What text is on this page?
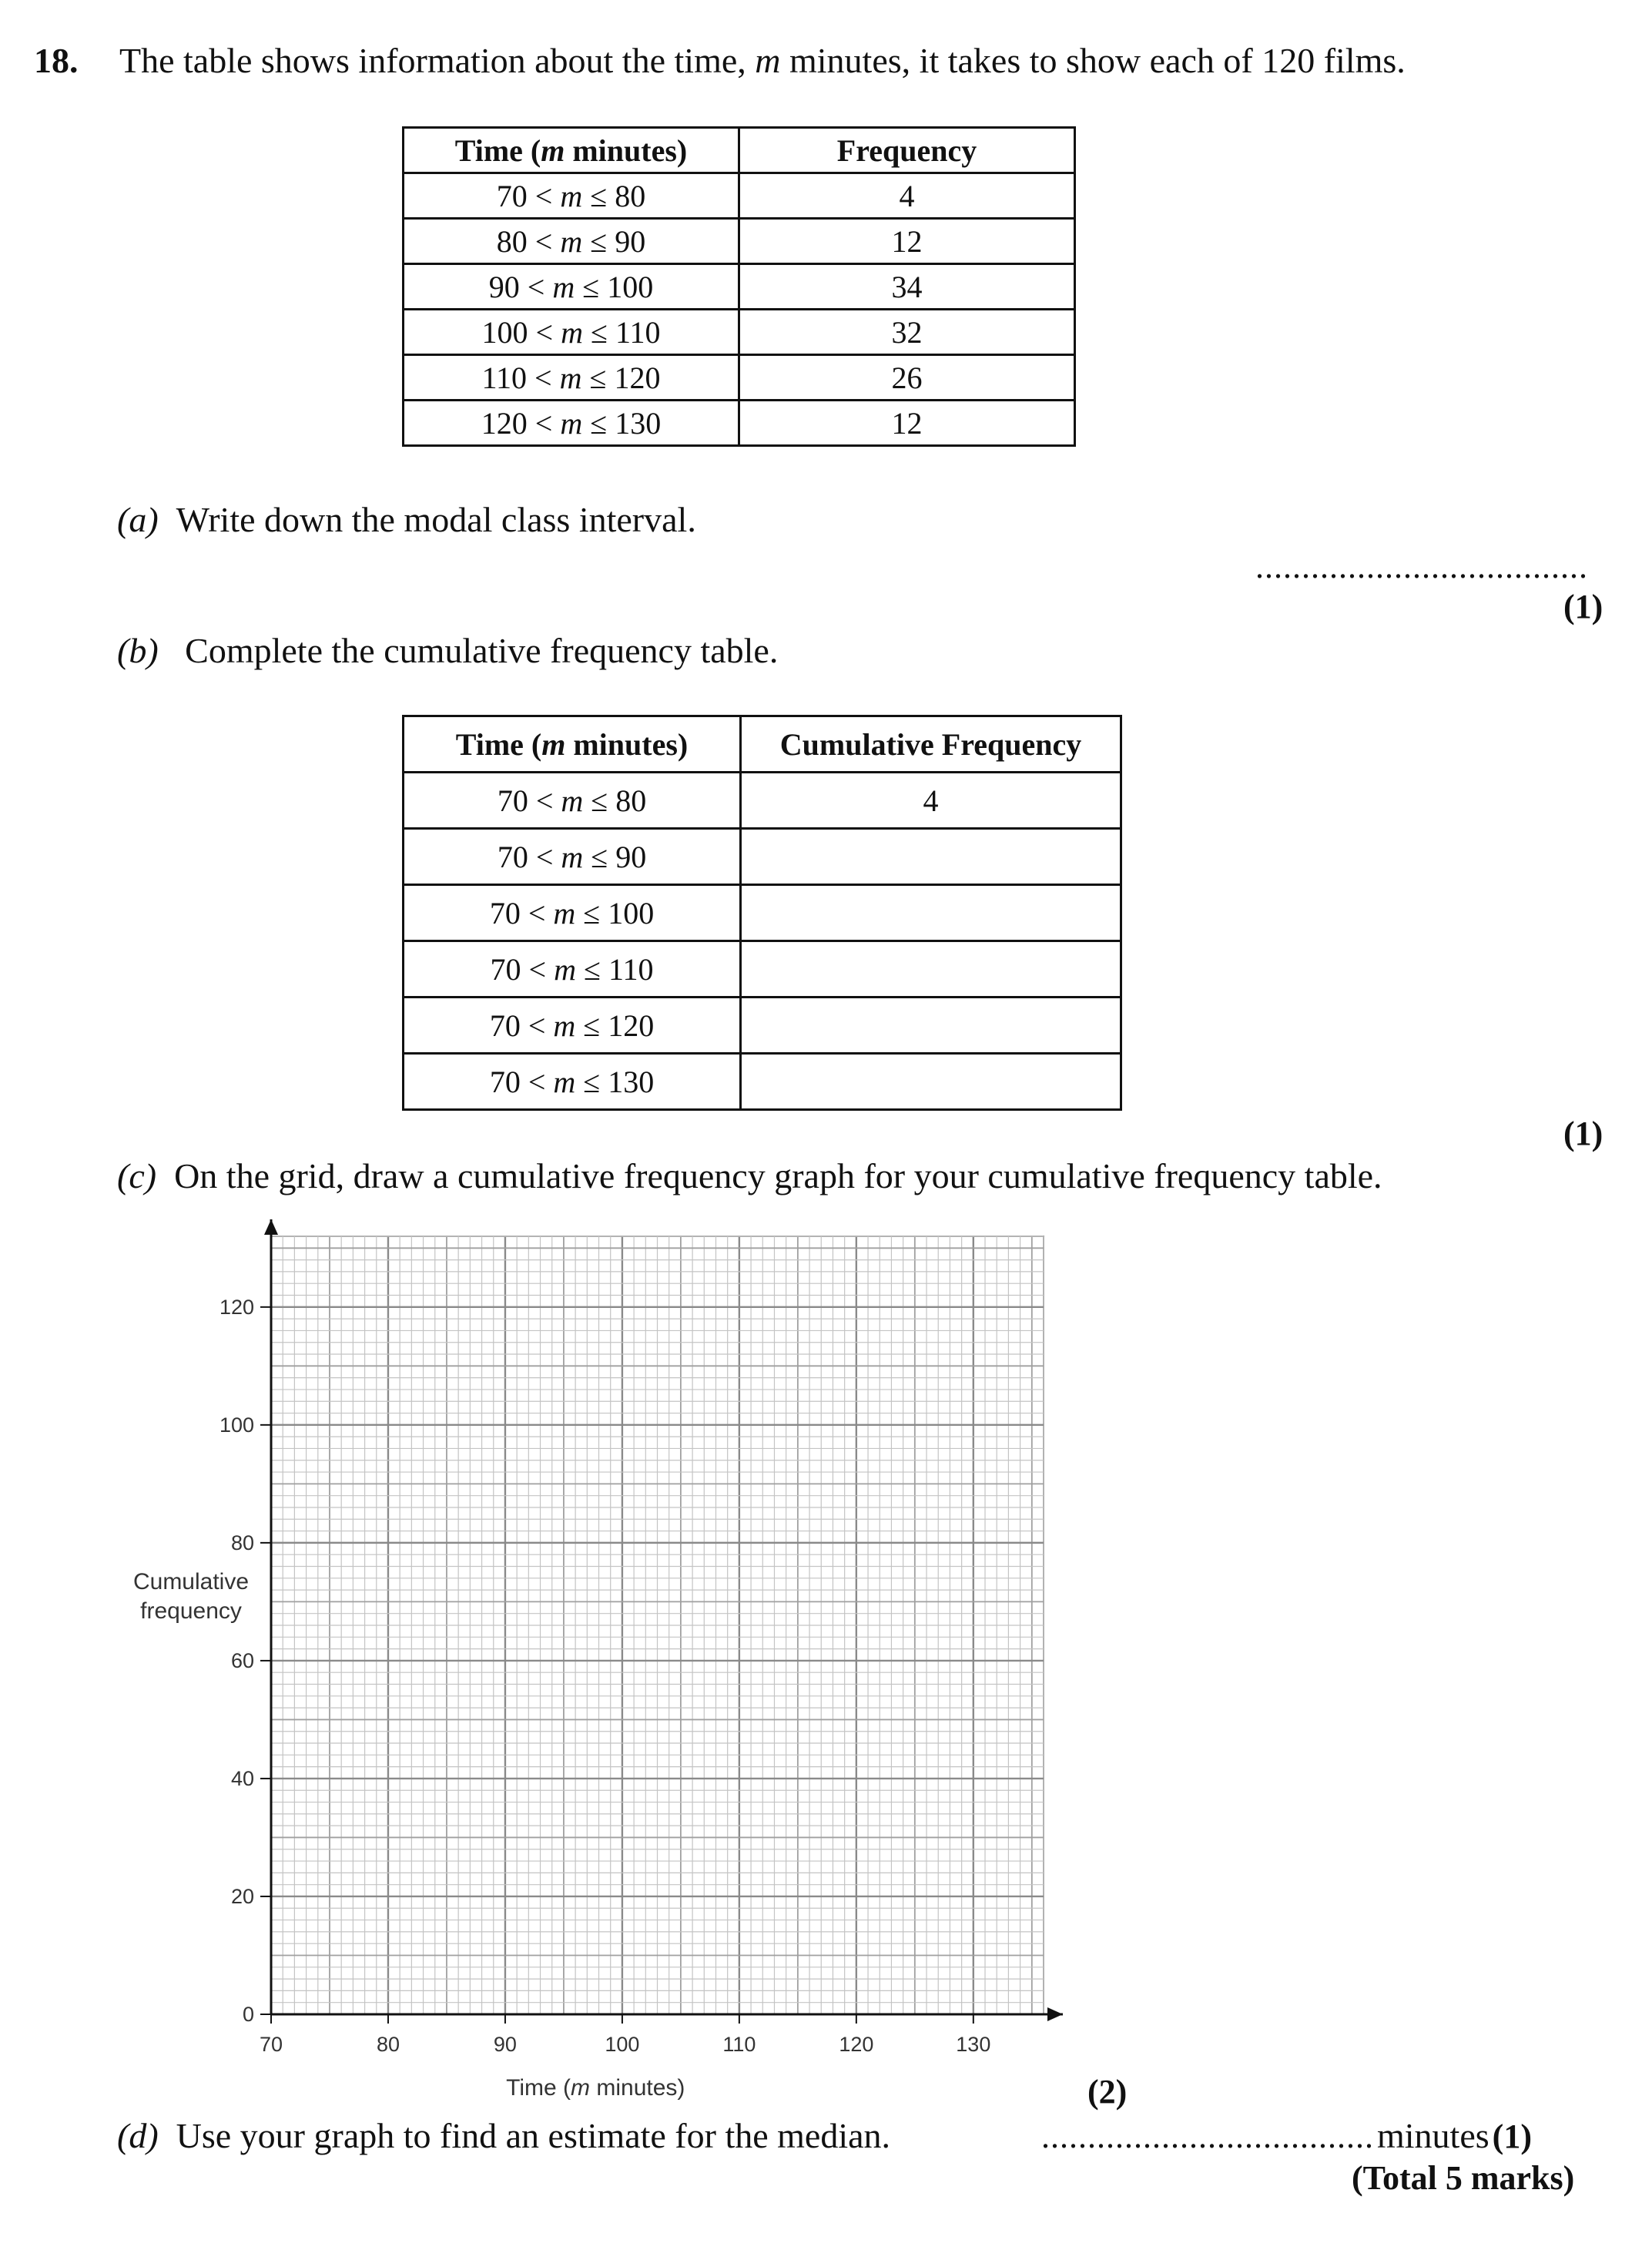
18. The table shows information about the time, m minutes, it takes to show each of 120 films.
Time (m minutes)	Frequency
70 < m ≤ 80	4
80 < m ≤ 90	12
90 < m ≤ 100	34
100 < m ≤ 110	32
110 < m ≤ 120	26
120 < m ≤ 130	12
(a) Write down the modal class interval.
....................................
(1)
(b) Complete the cumulative frequency table.
Time (m minutes)	Cumulative Frequency
70 < m ≤ 80	4
70 < m ≤ 90	
70 < m ≤ 100	
70 < m ≤ 110	
70 < m ≤ 120	
70 < m ≤ 130	
(1)
(c) On the grid, draw a cumulative frequency graph for your cumulative frequency table.
70	80	90	100	110	120	130
0
20
40
60
80
100
120
Time (m minutes)
Cumulative frequency
(2)
(d) Use your graph to find an estimate for the median.	.................................... minutes (1)
(Total 5 marks)
